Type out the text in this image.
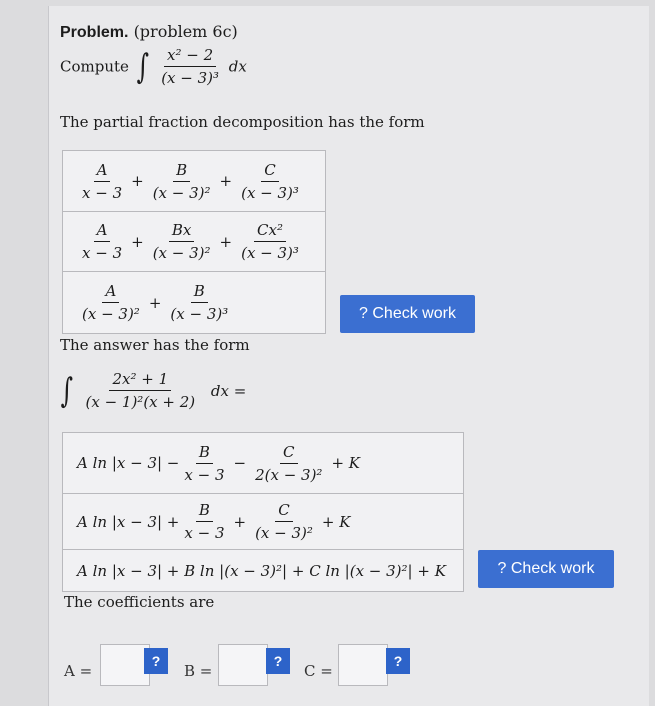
Problem. (problem 6c)
Compute ∫ $\frac{\text{x² − 2}}{\text{(x − 3)³}}$ dx
The partial fraction decomposition has the form
$\frac{A}{x - 3} + \frac{B}{\text{(x − 3)²}} + \frac{C}{\text{(x − 3)³}}$
$\frac{A}{x - 3} + \frac{Bx}{\text{(x − 3)²}} + \frac{\text{Cx²}}{\text{(x − 3)³}}$
$\frac{A}{\text{(x − 3)²}} + \frac{B}{\text{(x − 3)³}}$	? Check work
The answer has the form
∫ $\frac{\text{2x² + 1}}{\text{(x − 1)²(x + 2)}}$ dx =
A $\ln |x - 3| - \frac{B}{x - 3} - \frac{C}{\text{2(x − 3)²}} + K$
A $\ln |x - 3| + \frac{B}{x - 3} + \frac{C}{\text{(x − 3)²}} + K$
A ln |x − 3| + B ln |(x − 3)²| + C ln |(x − 3)²| + K	? Check work
The coefficients are
A =
?
B =
?
C =
?
